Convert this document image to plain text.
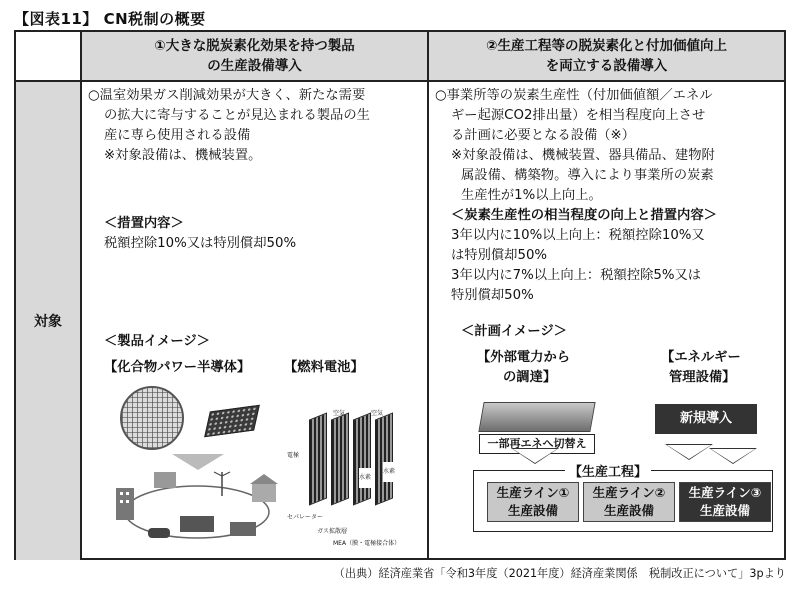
【図表11】 CN税制の概要
①大きな脱炭素化効果を持つ製品
の生産設備導入
②生産工程等の脱炭素化と付加価値向上
を両立する設備導入
対象
○温室効果ガス削減効果が大きく、新たな需要
の拡大に寄与することが見込まれる製品の生
産に専ら使用される設備
※対象設備は、機械装置。
＜措置内容＞
税額控除10%又は特別償却50%
＜製品イメージ＞
【化合物パワー半導体】	【燃料電池】
空気	空気
水素
水素
電極
セパレーター
ガス拡散層
MEA（膜・電極接合体）
○事業所等の炭素生産性（付加価値額／エネル
ギー起源CO2排出量）を相当程度向上させ
る計画に必要となる設備（※）
※対象設備は、機械装置、器具備品、建物附
属設備、構築物。導入により事業所の炭素
生産性が1%以上向上。
＜炭素生産性の相当程度の向上と措置内容＞
3年以内に10%以上向上：税額控除10%又
は特別償却50%
3年以内に7%以上向上：税額控除5%又は
特別償却50%
＜計画イメージ＞
【外部電力から
の調達】
【エネルギー
管理設備】
一部再エネへ切替え
新規導入
【生産工程】
生産ライン①
生産設備
生産ライン②
生産設備
生産ライン③
生産設備
（出典）経済産業省「令和3年度（2021年度）経済産業関係　税制改正について」3pより
